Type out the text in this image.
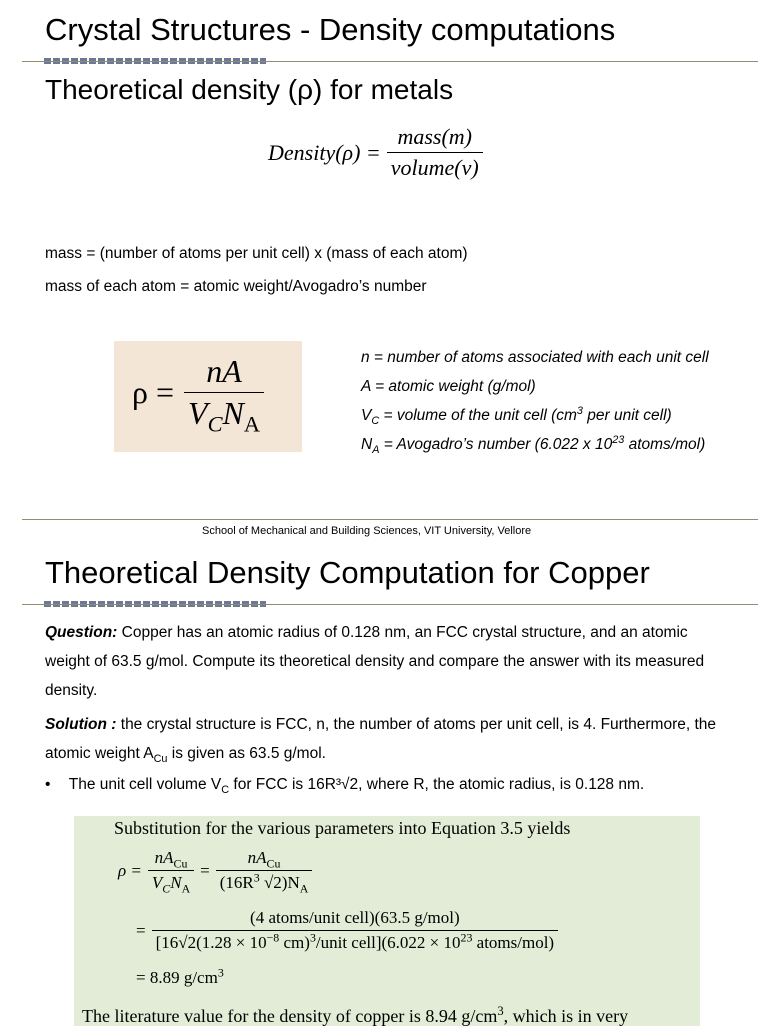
Crystal Structures - Density computations
Theoretical density (ρ) for metals
Density(ρ) = $\frac{\text{mass(m)}}{\text{volume(v)}}$
mass = (number of atoms per unit cell) x (mass of each atom)
mass of each atom = atomic weight/Avogadro’s number
$\rho = \frac{nA}{V_CN_A}$	n = number of atoms associated with each unit cell
A = atomic weight (g/mol)
$V_C$ = volume of the unit cell ($cm^3$ per unit cell)
$N_A$ = Avogadro’s number (6.022 x $10^{23}$ atoms/mol)
School of Mechanical and Building Sciences, VIT University, Vellore
Theoretical Density Computation for Copper
Question: Copper has an atomic radius of 0.128 nm, an FCC crystal structure, and an atomic weight of 63.5 g/mol. Compute its theoretical density and compare the answer with its measured density.
Solution : the crystal structure is FCC, n, the number of atoms per unit cell, is 4. Furthermore, the atomic weight $A_{Cu}$ is given as 63.5 g/mol.
• The unit cell volume $V_C$ for FCC is 16R³√2, where R, the atomic radius, is 0.128 nm.
Substitution for the various parameters into Equation 3.5 yields
$\rho = \frac{nA_{Cu}}{V_CN_A} = \frac{nA_{Cu}}{(16R^3 √2)N_A}$
= $\frac{\text{(4 atoms/unit cell)(63.5 g/mol)}}{[16√2(1.28 \times 10^{-8} cm)^3/unit cell](6.022 \times 10^{23} atoms/mol)}$
= 8.89 $g/cm^3$
The literature value for the density of copper is 8.94 $g/cm^3$, which is in very
